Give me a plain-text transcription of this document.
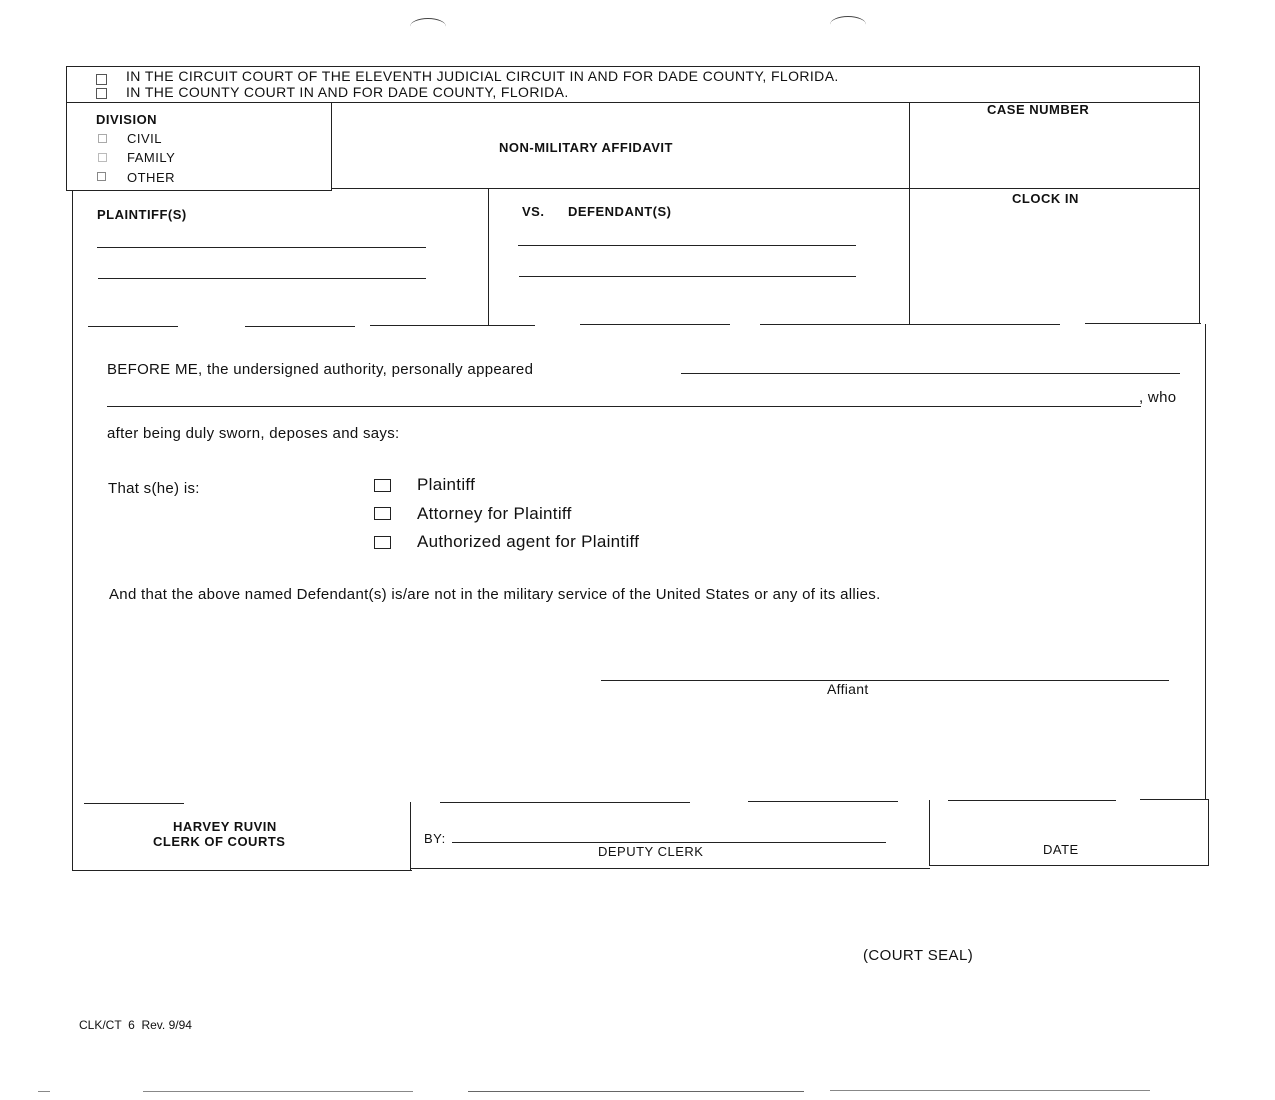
IN THE CIRCUIT COURT OF THE ELEVENTH JUDICIAL CIRCUIT IN AND FOR DADE COUNTY, FLORIDA.
IN THE COUNTY COURT IN AND FOR DADE COUNTY, FLORIDA.
DIVISION
CIVIL
FAMILY
OTHER
NON-MILITARY AFFIDAVIT
CASE NUMBER
PLAINTIFF(S)	VS. DEFENDANT(S)
CLOCK IN
BEFORE ME, the undersigned authority, personally appeared
, who
after being duly sworn, deposes and says:
That s(he) is:	Plaintiff
Attorney for Plaintiff
Authorized agent for Plaintiff
And that the above named Defendant(s) is/are not in the military service of the United States or any of its allies.
Affiant
HARVEY RUVIN
CLERK OF COURTS	BY:
DEPUTY CLERK	DATE
(COURT SEAL)
CLK/CT  6  Rev. 9/94
